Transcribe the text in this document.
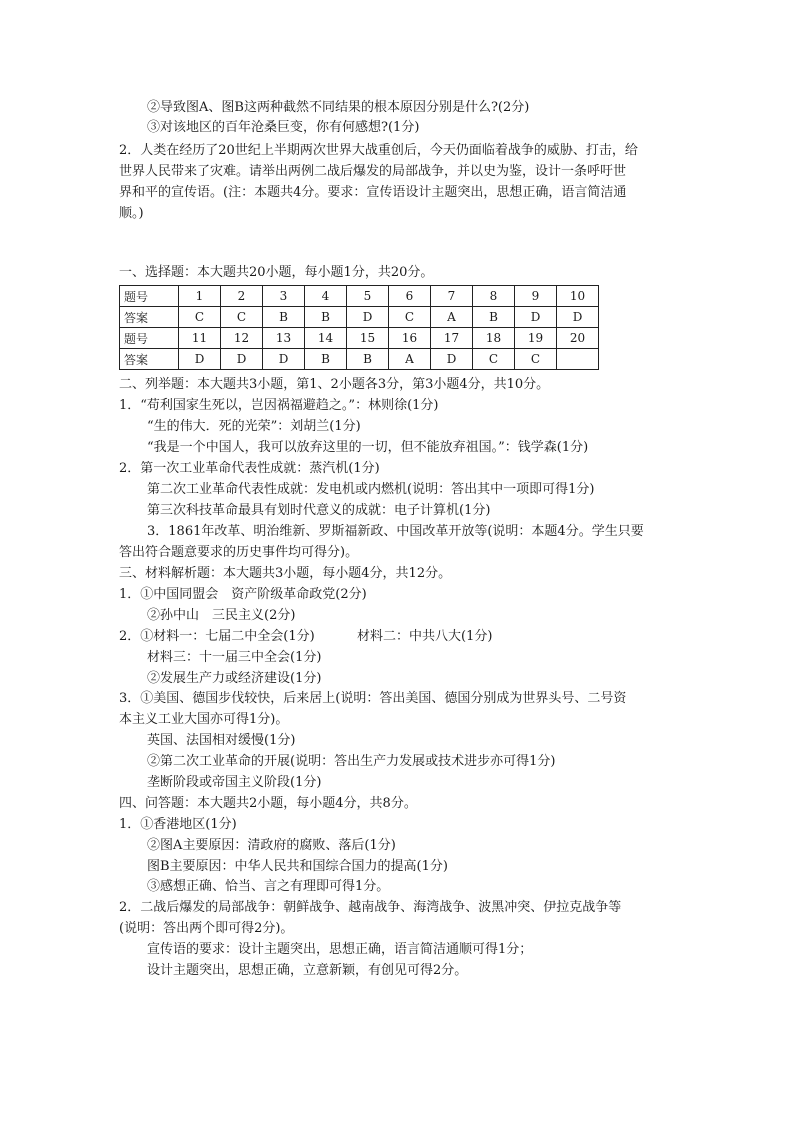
②导致图A、图B这两种截然不同结果的根本原因分别是什么?(2分)
③对该地区的百年沧桑巨变，你有何感想?(1分)
2．人类在经历了20世纪上半期两次世界大战重创后，今天仍面临着战争的威胁、打击，给
世界人民带来了灾难。请举出两例二战后爆发的局部战争，并以史为鉴，设计一条呼吁世
界和平的宣传语。(注：本题共4分。要求：宣传语设计主题突出，思想正确，语言简洁通
顺。)
一、选择题：本大题共20小题，每小题1分，共20分。
题号	1	2	3	4	5	6	7	8	9	10
答案	C	C	B	B	D	C	A	B	D	D
题号	11	12	13	14	15	16	17	18	19	20
答案	D	D	D	B	B	A	D	C	C	
二、列举题：本大题共3小题，第1、2小题各3分，第3小题4分，共10分。
1．“苟利国家生死以，岂因祸福避趋之。”：林则徐(1分)
“生的伟大．死的光荣”：刘胡兰(1分)
“我是一个中国人，我可以放弃这里的一切，但不能放弃祖国。”：钱学森(1分)
2．第一次工业革命代表性成就：蒸汽机(1分)
第二次工业革命代表性成就：发电机或内燃机(说明：答出其中一项即可得1分)
第三次科技革命最具有划时代意义的成就：电子计算机(1分)
3．1861年改革、明治维新、罗斯福新政、中国改革开放等(说明：本题4分。学生只要
答出符合题意要求的历史事件均可得分)。
三、材料解析题：本大题共3小题，每小题4分，共12分。
1．①中国同盟会　资产阶级革命政党(2分)
②孙中山　三民主义(2分)
2．①材料一：七届二中全会(1分)	材料二：中共八大(1分)
材料三：十一届三中全会(1分)
②发展生产力或经济建设(1分)
3．①美国、德国步伐较快，后来居上(说明：答出美国、德国分别成为世界头号、二号资
本主义工业大国亦可得1分)。
英国、法国相对缓慢(1分)
②第二次工业革命的开展(说明：答出生产力发展或技术进步亦可得1分)
垄断阶段或帝国主义阶段(1分)
四、问答题：本大题共2小题，每小题4分，共8分。
1．①香港地区(1分)
②图A主要原因：清政府的腐败、落后(1分)
图B主要原因：中华人民共和国综合国力的提高(1分)
③感想正确、恰当、言之有理即可得1分。
2．二战后爆发的局部战争：朝鲜战争、越南战争、海湾战争、波黑冲突、伊拉克战争等
(说明：答出两个即可得2分)。
宣传语的要求：设计主题突出，思想正确，语言简洁通顺可得1分；
设计主题突出，思想正确，立意新颖，有创见可得2分。
